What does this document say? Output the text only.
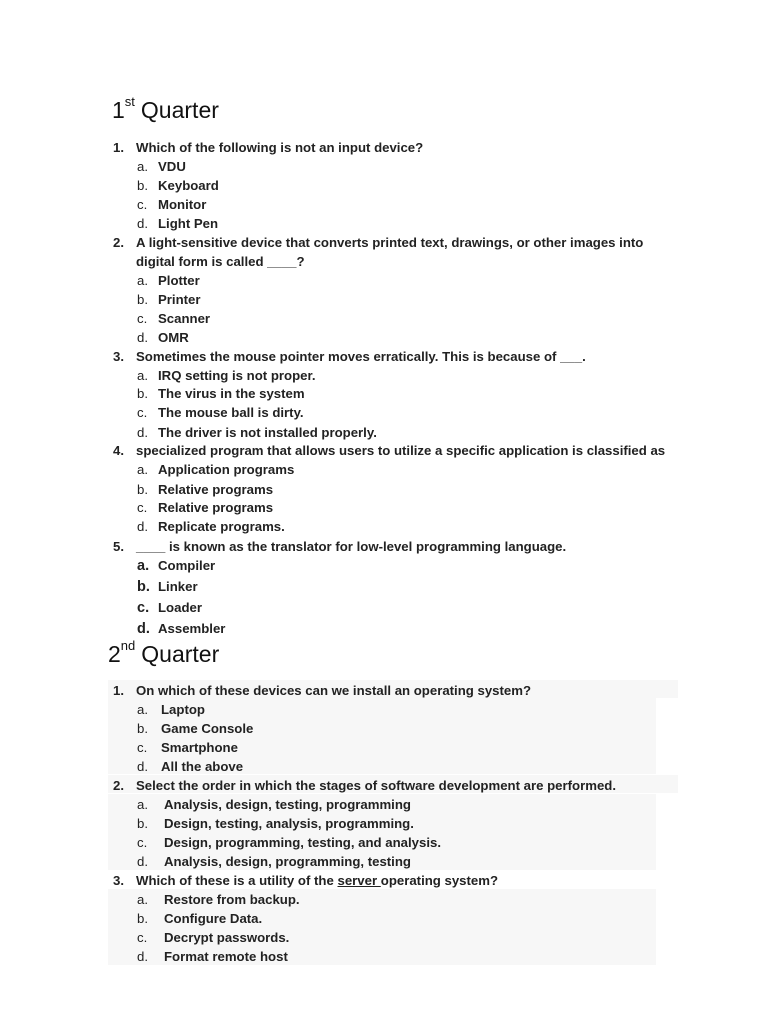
1st Quarter
1. Which of the following is not an input device?
a. VDU
b. Keyboard
c. Monitor
d. Light Pen
2. A light-sensitive device that converts printed text, drawings, or other images into
digital form is called ____?
a. Plotter
b. Printer
c. Scanner
d. OMR
3. Sometimes the mouse pointer moves erratically. This is because of ___.
a. IRQ setting is not proper.
b. The virus in the system
c. The mouse ball is dirty.
d. The driver is not installed properly.
4. specialized program that allows users to utilize a specific application is classified as
a. Application programs
b. Relative programs
c. Relative programs
d. Replicate programs.
5. ____ is known as the translator for low-level programming language.
a. Compiler
b. Linker
c. Loader
d. Assembler
2nd Quarter
1. On which of these devices can we install an operating system?
a. Laptop
b. Game Console
c. Smartphone
d. All the above
2. Select the order in which the stages of software development are performed.
a. Analysis, design, testing, programming
b. Design, testing, analysis, programming.
c. Design, programming, testing, and analysis.
d. Analysis, design, programming, testing
3. Which of these is a utility of the server operating system?
a. Restore from backup.
b. Configure Data.
c. Decrypt passwords.
d. Format remote host
